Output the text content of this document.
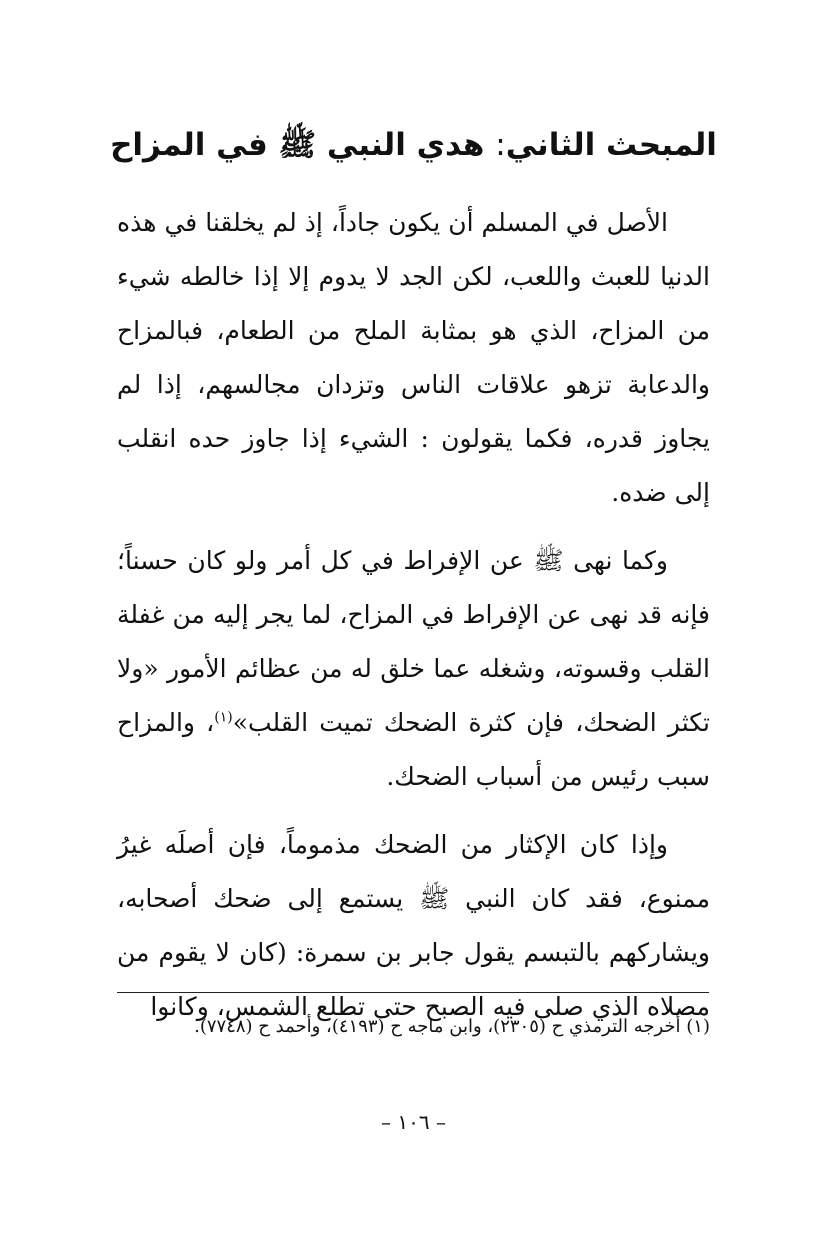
المبحث الثاني: هدي النبي ﷺ في المزاح

الأصل في المسلم أن يكون جاداً، إذ لم يخلقنا في هذه الدنيا للعبث واللعب، لكن الجد لا يدوم إلا إذا خالطه شيء من المزاح، الذي هو بمثابة الملح من الطعام، فبالمزاح والدعابة تزهو علاقات الناس وتزدان مجالسهم، إذا لم يجاوز قدره، فكما يقولون : الشيء إذا جاوز حده انقلب إلى ضده.

وكما نهى ﷺ عن الإفراط في كل أمر ولو كان حسناً؛ فإنه قد نهى عن الإفراط في المزاح، لما يجر إليه من غفلة القلب وقسوته، وشغله عما خلق له من عظائم الأمور «ولا تكثر الضحك، فإن كثرة الضحك تميت القلب»$^{(١)}$، والمزاح سبب رئيس من أسباب الضحك.

وإذا كان الإكثار من الضحك مذموماً، فإن أصلَه غيرُ ممنوع، فقد كان النبي ﷺ يستمع إلى ضحك أصحابه، ويشاركهم بالتبسم يقول جابر بن سمرة: (كان لا يقوم من مصلاه الذي صلى فيه الصبح حتى تطلع الشمس، وكانوا

(١) أخرجه الترمذي ح (٢٣٠٥)، وابن ماجه ح (٤١٩٣)، وأحمد ح (٧٧٤٨).
– ١٠٦ –
